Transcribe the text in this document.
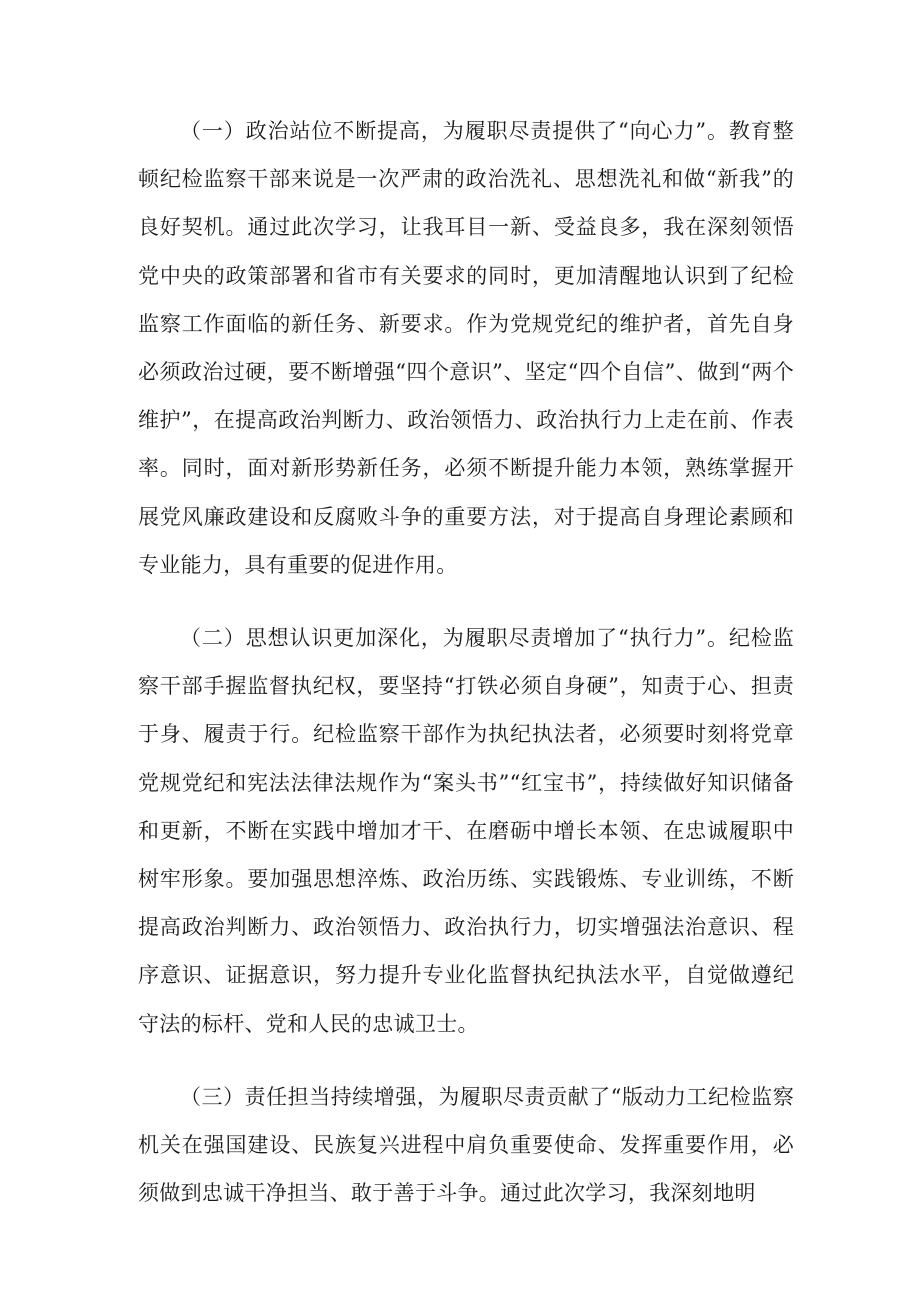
（一）政治站位不断提高，为履职尽责提供了“向心力”。教育整顿纪检监察干部来说是一次严肃的政治洗礼、思想洗礼和做“新我”的良好契机。通过此次学习，让我耳目一新、受益良多，我在深刻领悟党中央的政策部署和省市有关要求的同时，更加清醒地认识到了纪检监察工作面临的新任务、新要求。作为党规党纪的维护者，首先自身必须政治过硬，要不断增强“四个意识”、坚定“四个自信”、做到“两个维护”，在提高政治判断力、政治领悟力、政治执行力上走在前、作表率。同时，面对新形势新任务，必须不断提升能力本领，熟练掌握开展党风廉政建设和反腐败斗争的重要方法，对于提高自身理论素顾和专业能力，具有重要的促进作用。

（二）思想认识更加深化，为履职尽责增加了“执行力”。纪检监察干部手握监督执纪权，要坚持“打铁必须自身硬”，知责于心、担责于身、履责于行。纪检监察干部作为执纪执法者，必须要时刻将党章党规党纪和宪法法律法规作为“案头书”“红宝书”，持续做好知识储备和更新，不断在实践中增加才干、在磨砺中增长本领、在忠诚履职中树牢形象。要加强思想淬炼、政治历练、实践锻炼、专业训练，不断提高政治判断力、政治领悟力、政治执行力，切实增强法治意识、程序意识、证据意识，努力提升专业化监督执纪执法水平，自觉做遵纪守法的标杆、党和人民的忠诚卫士。

（三）责任担当持续增强，为履职尽责贡献了“版动力工纪检监察机关在强国建设、民族复兴进程中肩负重要使命、发挥重要作用，必须做到忠诚干净担当、敢于善于斗争。通过此次学习，我深刻地明
